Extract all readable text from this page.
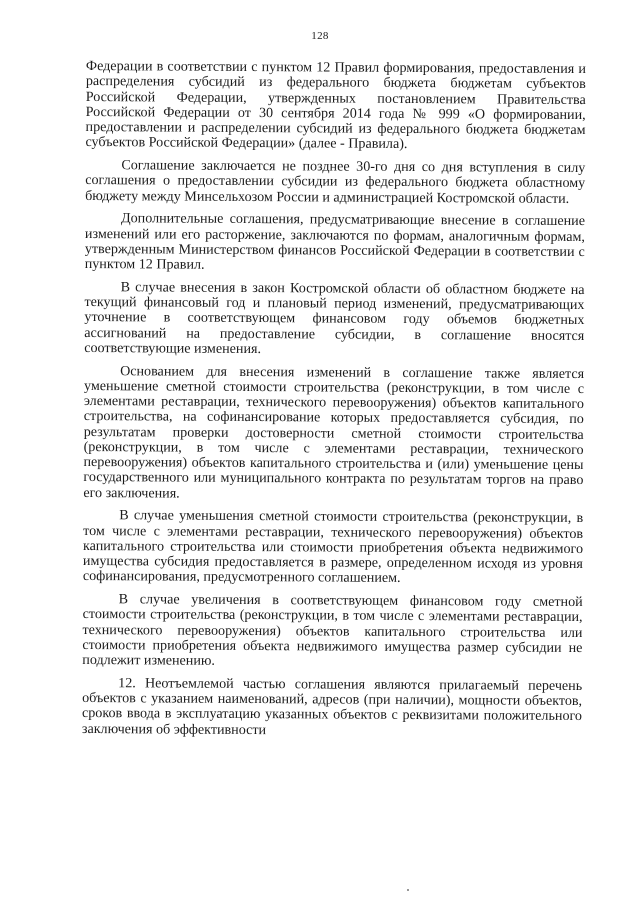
128

Федерации в соответствии с пунктом 12 Правил формирования, предоставления и распределения субсидий из федерального бюджета бюджетам субъектов Российской Федерации, утвержденных постановлением Правительства Российской Федерации от 30 сентября 2014 года № 999 «О формировании, предоставлении и распределении субсидий из федерального бюджета бюджетам субъектов Российской Федерации» (далее - Правила).

Соглашение заключается не позднее 30-го дня со дня вступления в силу соглашения о предоставлении субсидии из федерального бюджета областному бюджету между Минсельхозом России и администрацией Костромской области.

Дополнительные соглашения, предусматривающие внесение в соглашение изменений или его расторжение, заключаются по формам, аналогичным формам, утвержденным Министерством финансов Российской Федерации в соответствии с пунктом 12 Правил.

В случае внесения в закон Костромской области об областном бюджете на текущий финансовый год и плановый период изменений, предусматривающих уточнение в соответствующем финансовом году объемов бюджетных ассигнований на предоставление субсидии, в соглашение вносятся соответствующие изменения.

Основанием для внесения изменений в соглашение также является уменьшение сметной стоимости строительства (реконструкции, в том числе с элементами реставрации, технического перевооружения) объектов капитального строительства, на софинансирование которых предоставляется субсидия, по результатам проверки достоверности сметной стоимости строительства (реконструкции, в том числе с элементами реставрации, технического перевооружения) объектов капитального строительства и (или) уменьшение цены государственного или муниципального контракта по результатам торгов на право его заключения.

В случае уменьшения сметной стоимости строительства (реконструкции, в том числе с элементами реставрации, технического перевооружения) объектов капитального строительства или стоимости приобретения объекта недвижимого имущества субсидия предоставляется в размере, определенном исходя из уровня софинансирования, предусмотренного соглашением.

В случае увеличения в соответствующем финансовом году сметной стоимости строительства (реконструкции, в том числе с элементами реставрации, технического перевооружения) объектов капитального строительства или стоимости приобретения объекта недвижимого имущества размер субсидии не подлежит изменению.

12. Неотъемлемой частью соглашения являются прилагаемый перечень объектов с указанием наименований, адресов (при наличии), мощности объектов, сроков ввода в эксплуатацию указанных объектов с реквизитами положительного заключения об эффективности
